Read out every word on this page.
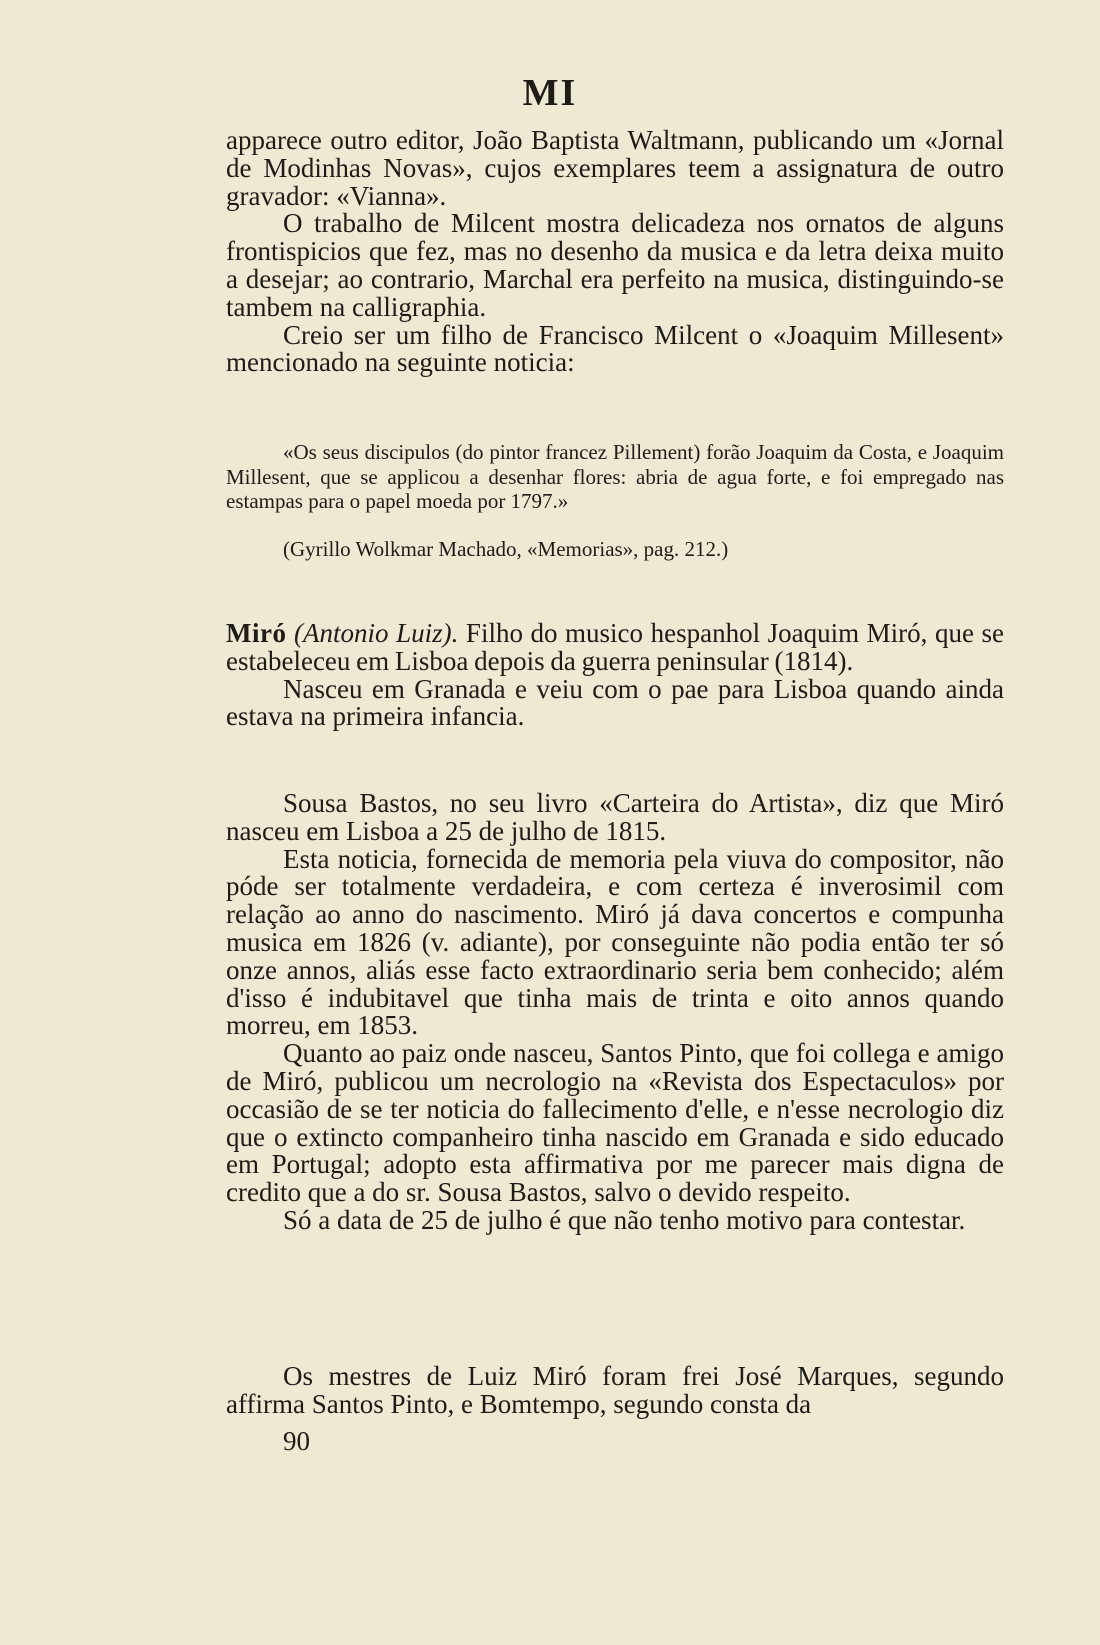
MI

apparece outro editor, João Baptista Waltmann, publicando um «Jornal de Modinhas Novas», cujos exemplares teem a assignatura de outro gravador: «Vianna».

O trabalho de Milcent mostra delicadeza nos ornatos de alguns frontispicios que fez, mas no desenho da musica e da letra deixa muito a desejar; ao contrario, Marchal era perfeito na musica, distinguindo-se tambem na calligraphia.

Creio ser um filho de Francisco Milcent o «Joaquim Millesent» mencionado na seguinte noticia:

«Os seus discipulos (do pintor francez Pillement) forão Joaquim da Costa, e Joaquim Millesent, que se applicou a desenhar flores: abria de agua forte, e foi empregado nas estampas para o papel moeda por 1797.»

(Gyrillo Wolkmar Machado, «Memorias», pag. 212.)

Miró (Antonio Luiz). Filho do musico hespanhol Joaquim Miró, que se estabeleceu em Lisboa depois da guerra peninsular (1814).

Nasceu em Granada e veiu com o pae para Lisboa quando ainda estava na primeira infancia.

Sousa Bastos, no seu livro «Carteira do Artista», diz que Miró nasceu em Lisboa a 25 de julho de 1815.

Esta noticia, fornecida de memoria pela viuva do compositor, não póde ser totalmente verdadeira, e com certeza é inverosimil com relação ao anno do nascimento. Miró já dava concertos e compunha musica em 1826 (v. adiante), por conseguinte não podia então ter só onze annos, aliás esse facto extraordinario seria bem conhecido; além d'isso é indubitavel que tinha mais de trinta e oito annos quando morreu, em 1853.

Quanto ao paiz onde nasceu, Santos Pinto, que foi collega e amigo de Miró, publicou um necrologio na «Revista dos Espectaculos» por occasião de se ter noticia do fallecimento d'elle, e n'esse necrologio diz que o extincto companheiro tinha nascido em Granada e sido educado em Portugal; adopto esta affirmativa por me parecer mais digna de credito que a do sr. Sousa Bastos, salvo o devido respeito.

Só a data de 25 de julho é que não tenho motivo para contestar.

Os mestres de Luiz Miró foram frei José Marques, segundo affirma Santos Pinto, e Bomtempo, segundo consta da

90
